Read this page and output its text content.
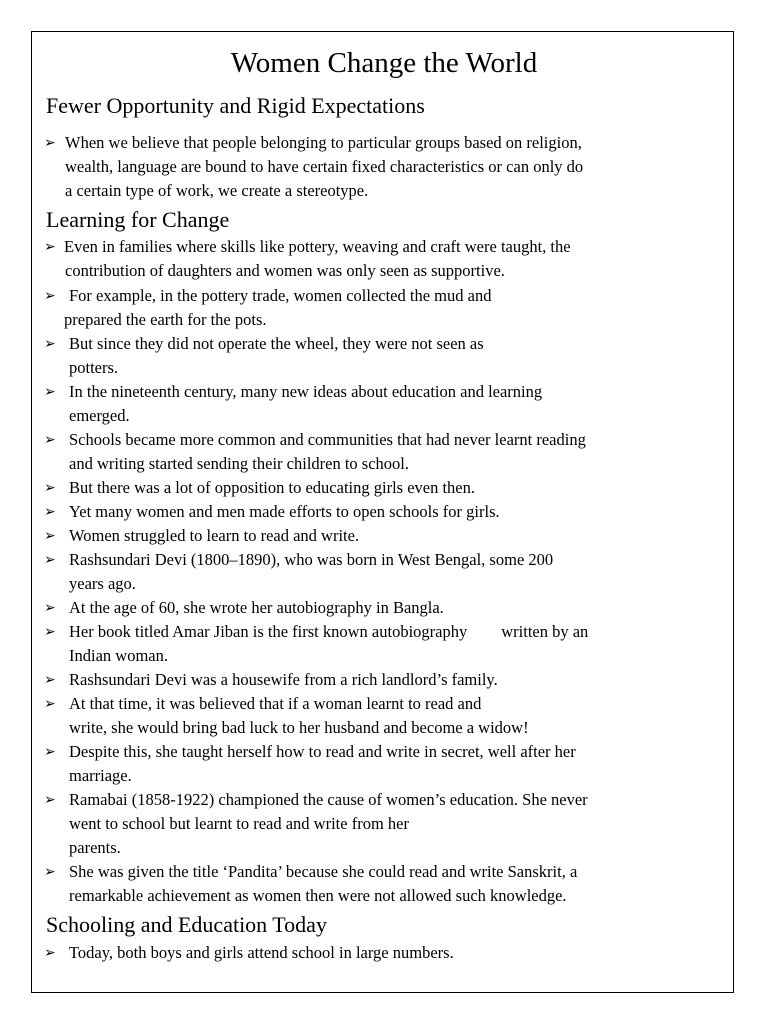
Women Change the World
Fewer Opportunity and Rigid Expectations
➢ When we believe that people belonging to particular groups based on religion,
wealth, language are bound to have certain fixed characteristics or can only do
a certain type of work, we create a stereotype.
Learning for Change
➢ Even in families where skills like pottery, weaving and craft were taught, the
contribution of daughters and women was only seen as supportive.
➢ For example, in the pottery trade, women collected the mud and
prepared the earth for the pots.
➢ But since they did not operate the wheel, they were not seen as
potters.
➢ In the nineteenth century, many new ideas about education and learning
emerged.
➢ Schools became more common and communities that had never learnt reading
and writing started sending their children to school.
➢ But there was a lot of opposition to educating girls even then.
➢ Yet many women and men made efforts to open schools for girls.
➢ Women struggled to learn to read and write.
➢ Rashsundari Devi (1800–1890), who was born in West Bengal, some 200
years ago.
➢ At the age of 60, she wrote her autobiography in Bangla.
➢ Her book titled Amar Jiban is the first known autobiography written by an
Indian woman.
➢ Rashsundari Devi was a housewife from a rich landlord’s family.
➢ At that time, it was believed that if a woman learnt to read and
write, she would bring bad luck to her husband and become a widow!
➢ Despite this, she taught herself how to read and write in secret, well after her
marriage.
➢ Ramabai (1858-1922) championed the cause of women’s education. She never
went to school but learnt to read and write from her
parents.
➢ She was given the title ‘Pandita’ because she could read and write Sanskrit, a
remarkable achievement as women then were not allowed such knowledge.
Schooling and Education Today
➢ Today, both boys and girls attend school in large numbers.
